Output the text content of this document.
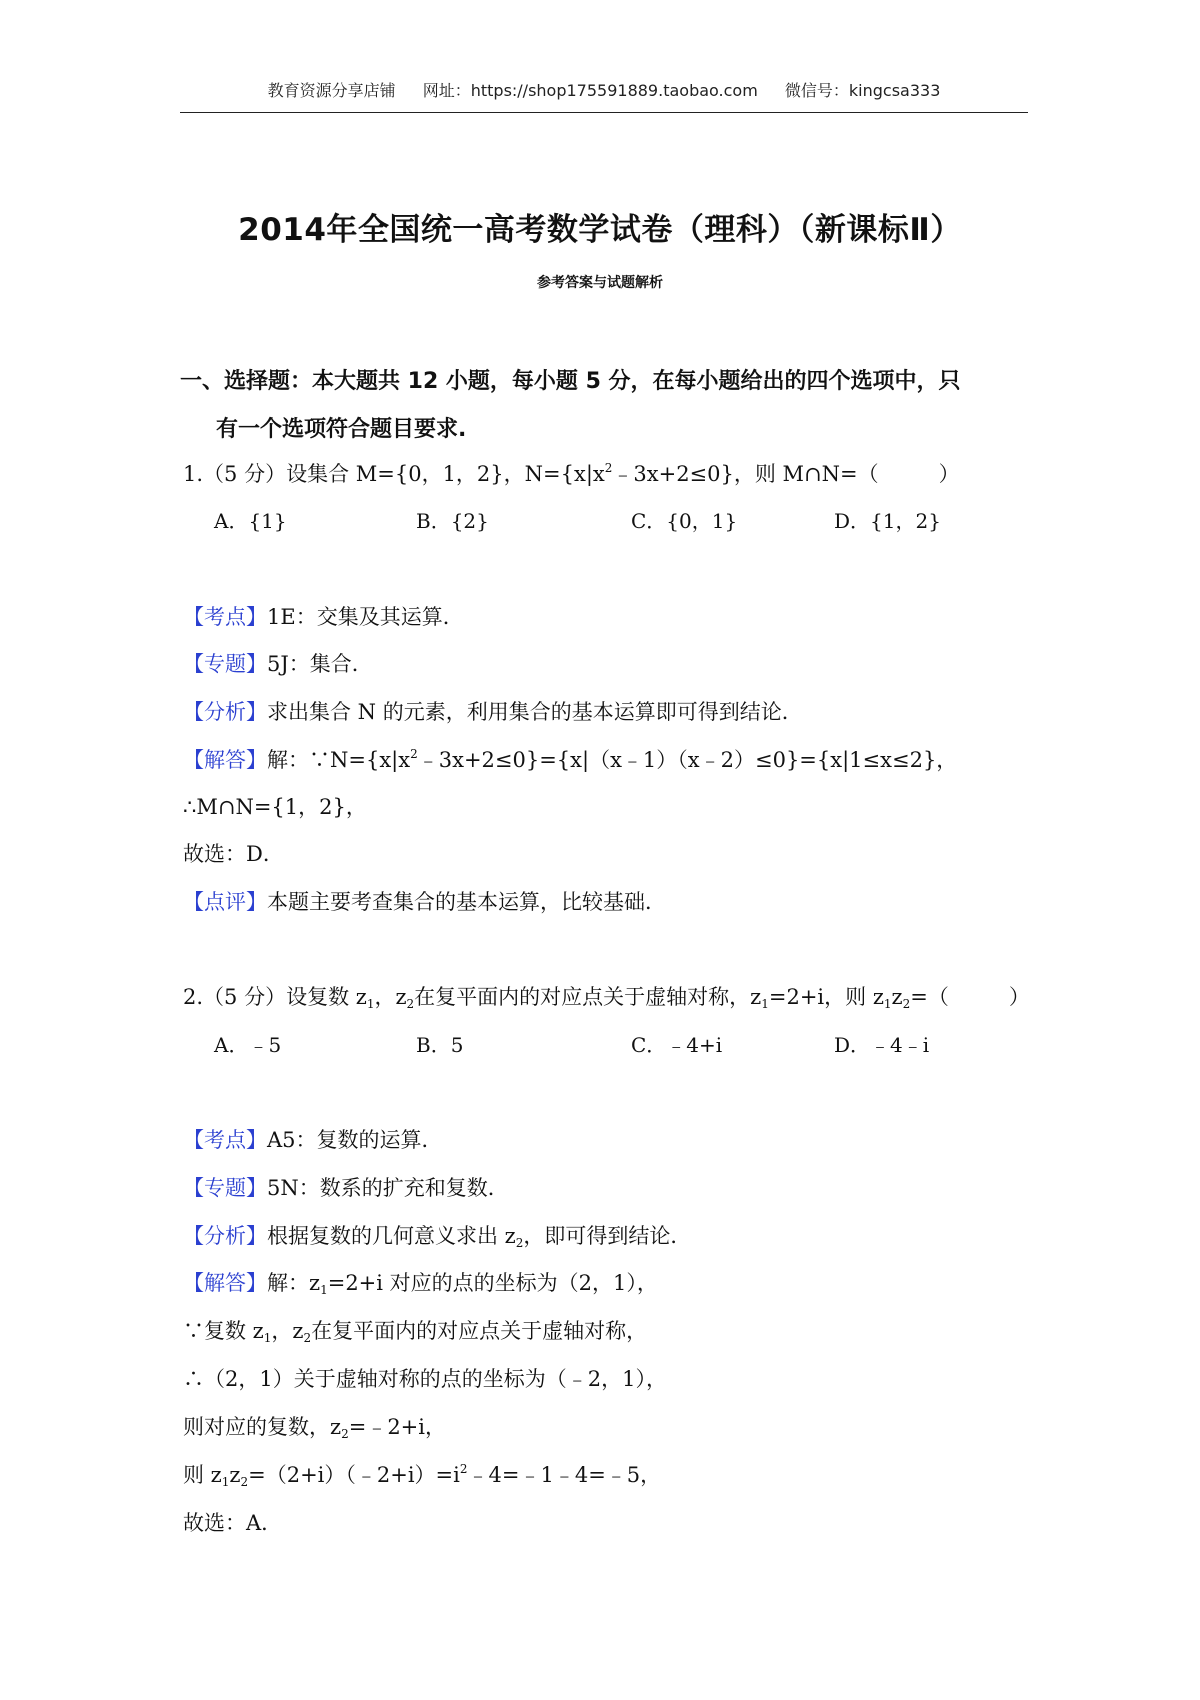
教育资源分享店铺 网址：https://shop175591889.taobao.com 微信号：kingcsa333
2014年全国统一高考数学试卷（理科）（新课标Ⅱ）
参考答案与试题解析
一、选择题：本大题共 12 小题，每小题 5 分，在每小题给出的四个选项中，只
有一个选项符合题目要求.
1.（5 分）设集合 M={0，1，2}，$N=\{x|x^2﹣3x+2\le 0\}$，则 M∩N=（	）
A．{1}	B．{2}	C．{0，1}	D．{1，2}
【考点】1E：交集及其运算．
【专题】5J：集合．
【分析】求出集合 N 的元素，利用集合的基本运算即可得到结论．
【解答】解：$\because N=\{x|x^2﹣3x+2\le 0\}=\{x|(x﹣1)(x﹣2)\le 0\}=\{x|1\le x\le 2\}$，
∴M∩N={1，2}，
故选：D．
【点评】本题主要考查集合的基本运算，比较基础．
2.（5 分）设复数 $z_1$，$z_2$在复平面内的对应点关于虚轴对称，$z_1=2+i$，则 $z_1z_2=$（	）
A．﹣5	B．5	C．﹣4+i	D．﹣4﹣i
【考点】A5：复数的运算．
【专题】5N：数系的扩充和复数．
【分析】根据复数的几何意义求出 $z_2$，即可得到结论．
【解答】解：$z_1=2+i$ 对应的点的坐标为（2，1），
∵复数 $z_1$，$z_2$在复平面内的对应点关于虚轴对称，
∴（2，1）关于虚轴对称的点的坐标为（﹣2，1），
则对应的复数，$z_2=﹣2+i$，
则 $z_1z_2=(2+i)(﹣2+i)=i^2﹣4=﹣1﹣4=﹣5$，
故选：A．
